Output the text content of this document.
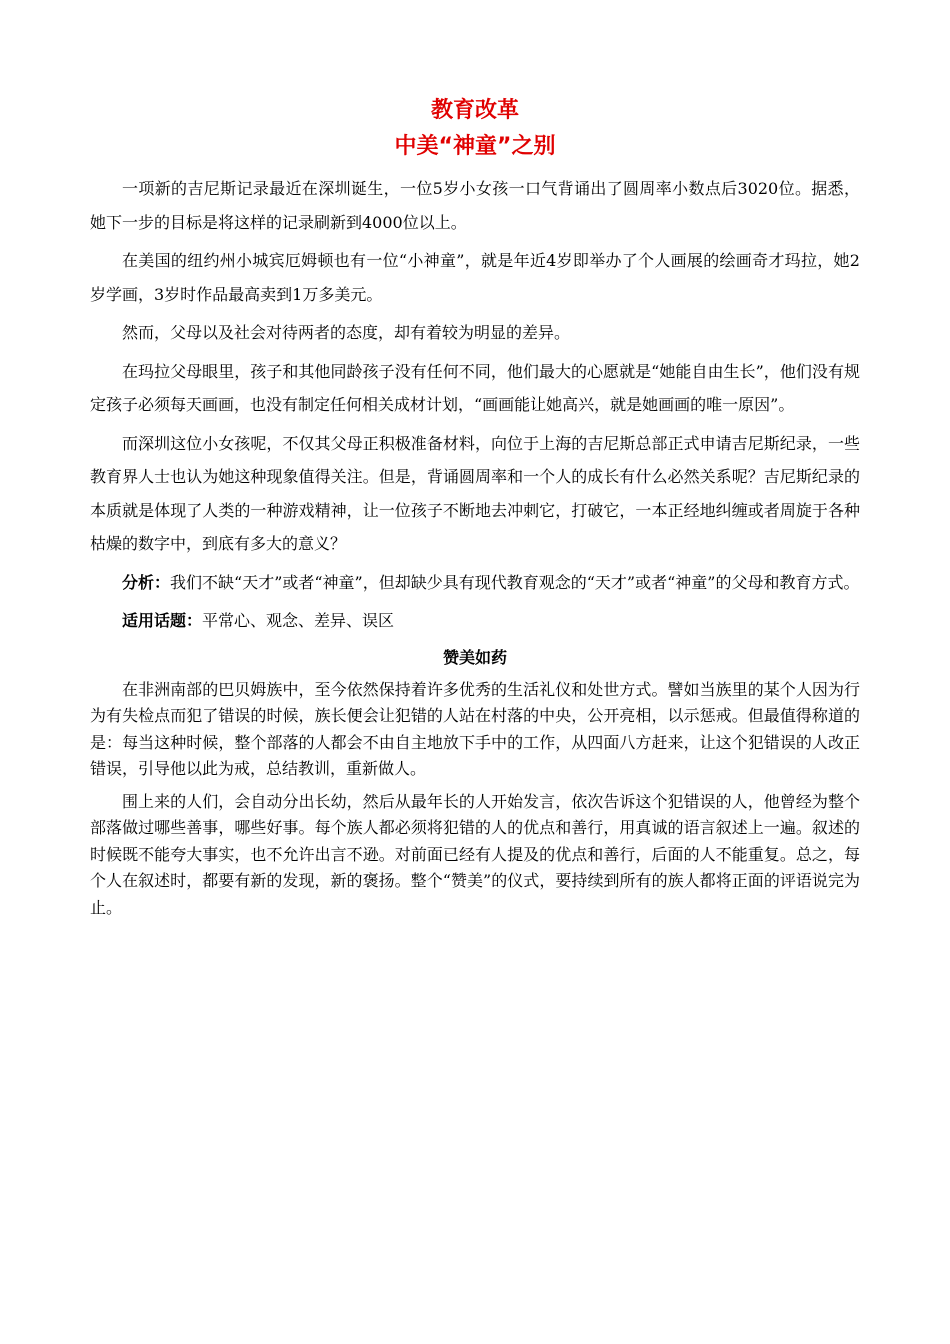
教育改革
中美“神童”之别

一项新的吉尼斯记录最近在深圳诞生，一位5岁小女孩一口气背诵出了圆周率小数点后3020位。据悉，她下一步的目标是将这样的记录刷新到4000位以上。

在美国的纽约州小城宾厄姆顿也有一位“小神童”，就是年近4岁即举办了个人画展的绘画奇才玛拉，她2岁学画，3岁时作品最高卖到1万多美元。

然而，父母以及社会对待两者的态度，却有着较为明显的差异。

在玛拉父母眼里，孩子和其他同龄孩子没有任何不同，他们最大的心愿就是“她能自由生长”，他们没有规定孩子必须每天画画，也没有制定任何相关成材计划，“画画能让她高兴，就是她画画的唯一原因”。

而深圳这位小女孩呢，不仅其父母正积极准备材料，向位于上海的吉尼斯总部正式申请吉尼斯纪录，一些教育界人士也认为她这种现象值得关注。但是，背诵圆周率和一个人的成长有什么必然关系呢？吉尼斯纪录的本质就是体现了人类的一种游戏精神，让一位孩子不断地去冲刺它，打破它，一本正经地纠缠或者周旋于各种枯燥的数字中，到底有多大的意义？

分析：我们不缺“天才”或者“神童”，但却缺少具有现代教育观念的“天才”或者“神童”的父母和教育方式。

适用话题：平常心、观念、差异、误区

赞美如药

在非洲南部的巴贝姆族中，至今依然保持着许多优秀的生活礼仪和处世方式。譬如当族里的某个人因为行为有失检点而犯了错误的时候，族长便会让犯错的人站在村落的中央，公开亮相，以示惩戒。但最值得称道的是：每当这种时候，整个部落的人都会不由自主地放下手中的工作，从四面八方赶来，让这个犯错误的人改正错误，引导他以此为戒，总结教训，重新做人。

围上来的人们，会自动分出长幼，然后从最年长的人开始发言，依次告诉这个犯错误的人，他曾经为整个部落做过哪些善事，哪些好事。每个族人都必须将犯错的人的优点和善行，用真诚的语言叙述上一遍。叙述的时候既不能夸大事实，也不允许出言不逊。对前面已经有人提及的优点和善行，后面的人不能重复。总之，每个人在叙述时，都要有新的发现，新的褒扬。整个“赞美”的仪式，要持续到所有的族人都将正面的评语说完为止。
